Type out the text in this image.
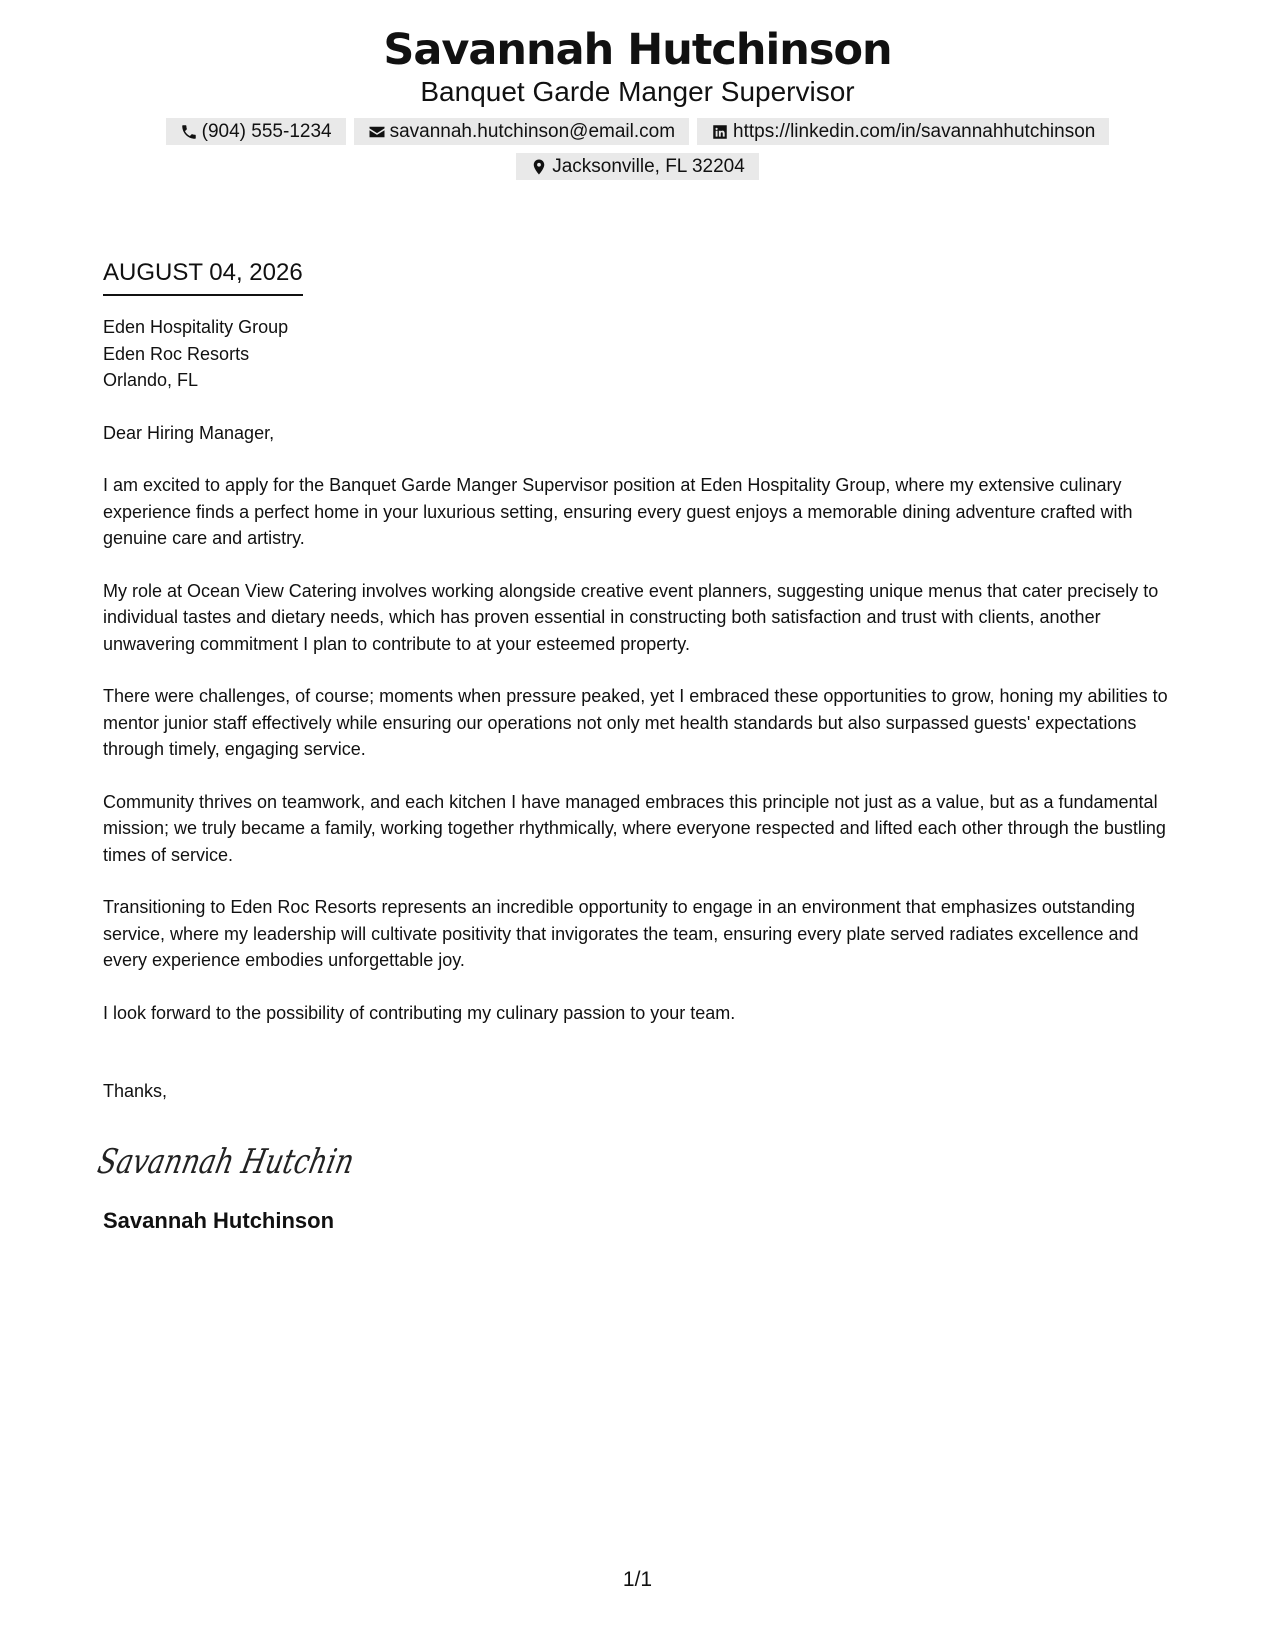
Savannah Hutchinson
Banquet Garde Manger Supervisor
(904) 555-1234	savannah.hutchinson@email.com	https://linkedin.com/in/savannahhutchinson
Jacksonville, FL 32204
AUGUST 04, 2026
Eden Hospitality Group
Eden Roc Resorts
Orlando, FL
Dear Hiring Manager,
I am excited to apply for the Banquet Garde Manger Supervisor position at Eden Hospitality Group, where my extensive culinary experience finds a perfect home in your luxurious setting, ensuring every guest enjoys a memorable dining adventure crafted with genuine care and artistry.
My role at Ocean View Catering involves working alongside creative event planners, suggesting unique menus that cater precisely to individual tastes and dietary needs, which has proven essential in constructing both satisfaction and trust with clients, another unwavering commitment I plan to contribute to at your esteemed property.
There were challenges, of course; moments when pressure peaked, yet I embraced these opportunities to grow, honing my abilities to mentor junior staff effectively while ensuring our operations not only met health standards but also surpassed guests' expectations through timely, engaging service.
Community thrives on teamwork, and each kitchen I have managed embraces this principle not just as a value, but as a fundamental mission; we truly became a family, working together rhythmically, where everyone respected and lifted each other through the bustling times of service.
Transitioning to Eden Roc Resorts represents an incredible opportunity to engage in an environment that emphasizes outstanding service, where my leadership will cultivate positivity that invigorates the team, ensuring every plate served radiates excellence and every experience embodies unforgettable joy.
I look forward to the possibility of contributing my culinary passion to your team.
Thanks,
Savannah Hutchin
Savannah Hutchinson
1/1
